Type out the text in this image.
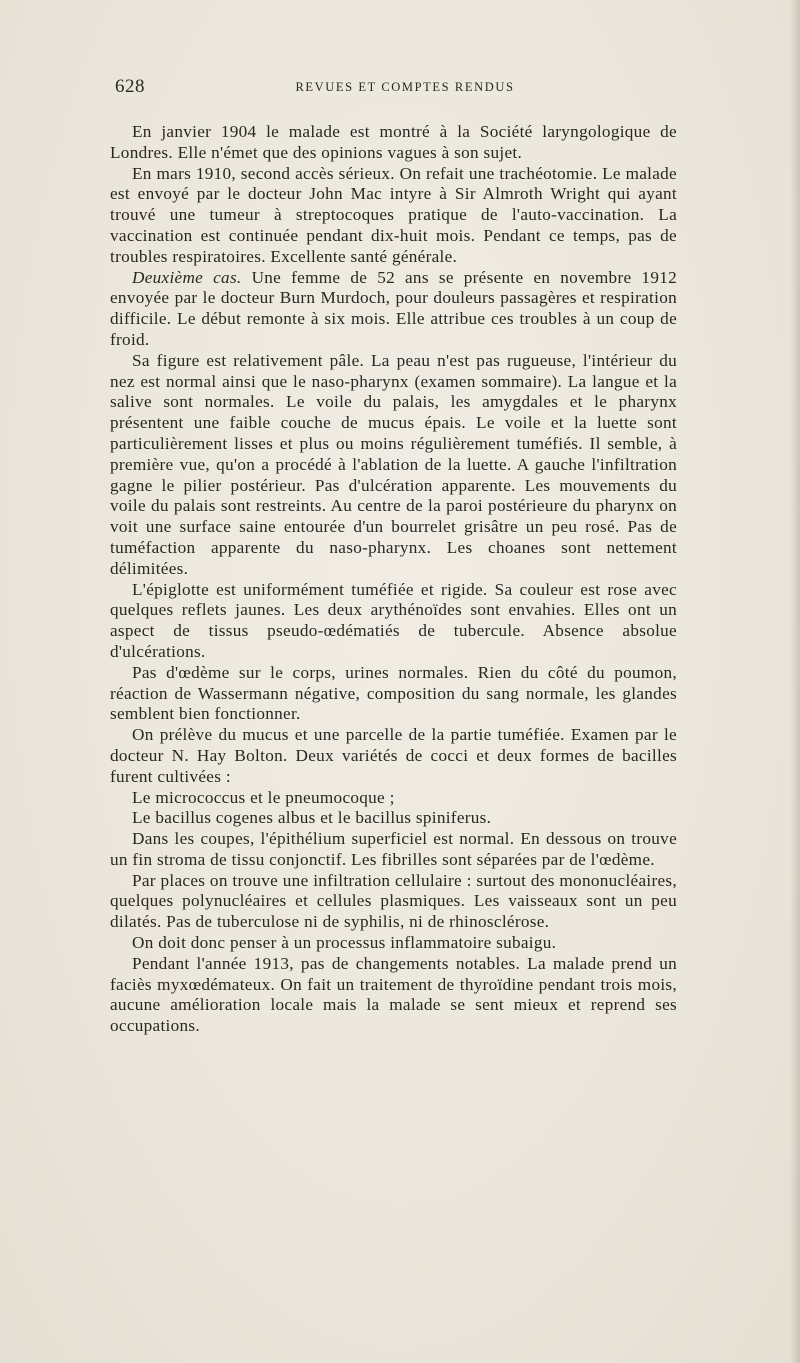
628	REVUES ET COMPTES RENDUS

En janvier 1904 le malade est montré à la Société laryngologique de Londres. Elle n'émet que des opinions vagues à son sujet.

En mars 1910, second accès sérieux. On refait une trachéotomie. Le malade est envoyé par le docteur John Mac intyre à Sir Almroth Wright qui ayant trouvé une tumeur à streptocoques pratique de l'auto-vaccination. La vaccination est continuée pendant dix-huit mois. Pendant ce temps, pas de troubles respiratoires. Excellente santé générale.

Deuxième cas. Une femme de 52 ans se présente en novembre 1912 envoyée par le docteur Burn Murdoch, pour douleurs passagères et respiration difficile. Le début remonte à six mois. Elle attribue ces troubles à un coup de froid.

Sa figure est relativement pâle. La peau n'est pas rugueuse, l'intérieur du nez est normal ainsi que le naso-pharynx (examen sommaire). La langue et la salive sont normales. Le voile du palais, les amygdales et le pharynx présentent une faible couche de mucus épais. Le voile et la luette sont particulièrement lisses et plus ou moins régulièrement tuméfiés. Il semble, à première vue, qu'on a procédé à l'ablation de la luette. A gauche l'infiltration gagne le pilier postérieur. Pas d'ulcération apparente. Les mouvements du voile du palais sont restreints. Au centre de la paroi postérieure du pharynx on voit une surface saine entourée d'un bourrelet grisâtre un peu rosé. Pas de tuméfaction apparente du naso-pharynx. Les choanes sont nettement délimitées.

L'épiglotte est uniformément tuméfiée et rigide. Sa couleur est rose avec quelques reflets jaunes. Les deux arythénoïdes sont envahies. Elles ont un aspect de tissus pseudo-œdématiés de tubercule. Absence absolue d'ulcérations.

Pas d'œdème sur le corps, urines normales. Rien du côté du poumon, réaction de Wassermann négative, composition du sang normale, les glandes semblent bien fonctionner.

On prélève du mucus et une parcelle de la partie tuméfiée. Examen par le docteur N. Hay Bolton. Deux variétés de cocci et deux formes de bacilles furent cultivées :

Le micrococcus et le pneumocoque ;

Le bacillus cogenes albus et le bacillus spiniferus.

Dans les coupes, l'épithélium superficiel est normal. En dessous on trouve un fin stroma de tissu conjonctif. Les fibrilles sont séparées par de l'œdème.

Par places on trouve une infiltration cellulaire : surtout des mononucléaires, quelques polynucléaires et cellules plasmiques. Les vaisseaux sont un peu dilatés. Pas de tuberculose ni de syphilis, ni de rhinosclérose.

On doit donc penser à un processus inflammatoire subaigu.

Pendant l'année 1913, pas de changements notables. La malade prend un faciès myxœdémateux. On fait un traitement de thyroïdine pendant trois mois, aucune amélioration locale mais la malade se sent mieux et reprend ses occupations.
